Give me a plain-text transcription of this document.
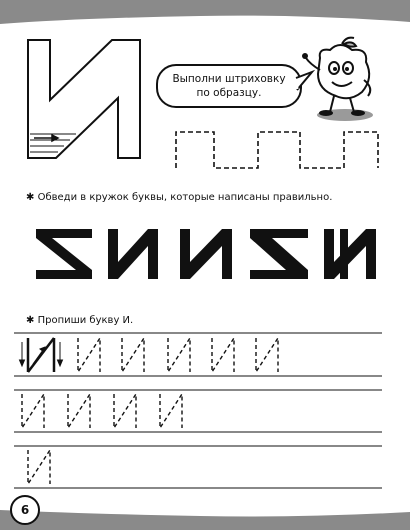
Выполни штриховку
по образцу.
✱ Обведи в кружок буквы, которые написаны правильно.
✱ Пропиши букву И.
6
